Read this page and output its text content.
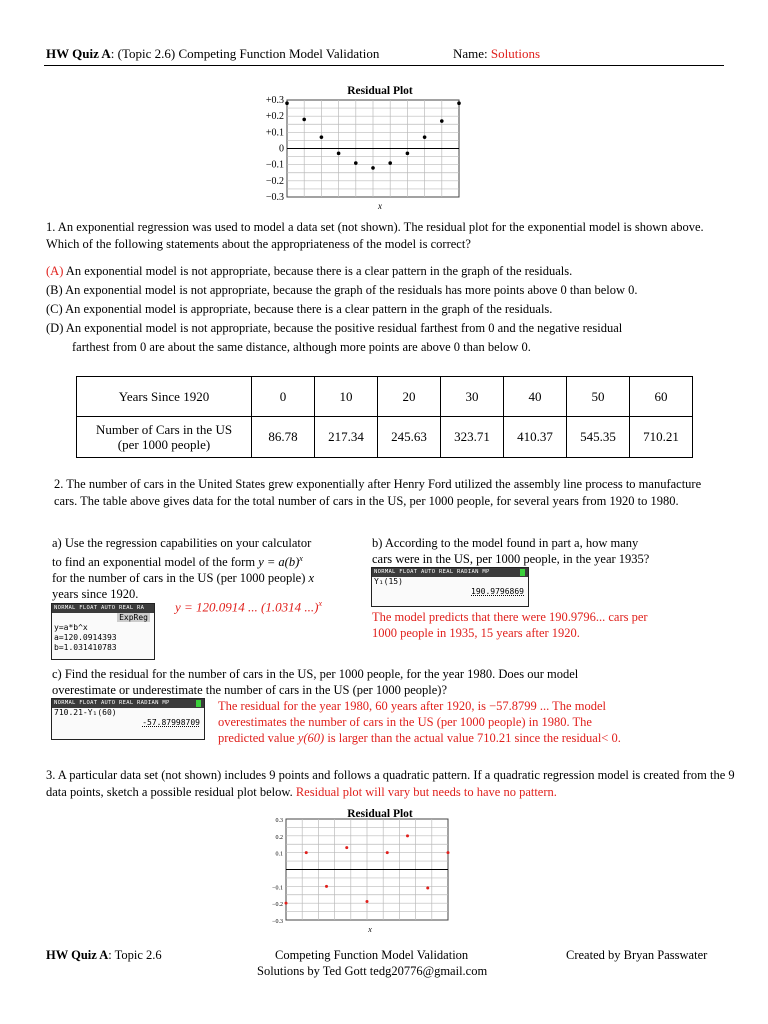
HW Quiz A: (Topic 2.6) Competing Function Model Validation	Name: Solutions
Residual Plot
+0.3
+0.2
+0.1
0
−0.1
−0.2
−0.3
x

1. An exponential regression was used to model a data set (not shown). The residual plot for the exponential model is shown above. Which of the following statements about the appropriateness of the model is correct?

(A) An exponential model is not appropriate, because there is a clear pattern in the graph of the residuals.
(B) An exponential model is not appropriate, because the graph of the residuals has more points above 0 than below 0.
(C) An exponential model is appropriate, because there is a clear pattern in the graph of the residuals.
(D) An exponential model is not appropriate, because the positive residual farthest from 0 and the negative residual
farthest from 0 are about the same distance, although more points are above 0 than below 0.
Years Since 1920	0	10	20	30	40	50	60
Number of Cars in the US
(per 1000 people)	86.78	217.34	245.63	323.71	410.37	545.35	710.21

2. The number of cars in the United States grew exponentially after Henry Ford utilized the assembly line process to manufacture cars. The table above gives data for the total number of cars in the US, per 1000 people, for several years from 1920 to 1980.

a) Use the regression capabilities on your calculator
to find an exponential model of the form $y = a(b)^x$
for the number of cars in the US (per 1000 people) x
years since 1920.
NORMAL FLOAT AUTO REAL RA
ExpReg
y=a*b^x
a=120.0914393
b=1.031410783
y = 120.0914 ... (1.0314 ...)$^x$
b) According to the model found in part a, how many
cars were in the US, per 1000 people, in the year 1935?
NORMAL FLOAT AUTO REAL RADIAN MP
Y₁(15)
190.9796869
The model predicts that there were 190.9796... cars per
1000 people in 1935, 15 years after 1920.
c) Find the residual for the number of cars in the US, per 1000 people, for the year 1980. Does our model
overestimate or underestimate the number of cars in the US (per 1000 people)?
NORMAL FLOAT AUTO REAL RADIAN MP
710.21-Y₁(60)
-57.87998709
The residual for the year 1980, 60 years after 1920, is −57.8799 ... The model
overestimates the number of cars in the US (per 1000 people) in 1980. The
predicted value y(60) is larger than the actual value 710.21 since the residual< 0.
3. A particular data set (not shown) includes 9 points and follows a quadratic pattern. If a quadratic regression model is created from the 9 data points, sketch a possible residual plot below. Residual plot will vary but needs to have no pattern.
Residual Plot
0.3
0.2
0.1
−0.1
−0.2
−0.3
x
HW Quiz A: Topic 2.6	Competing Function Model Validation	Created by Bryan Passwater
Solutions by Ted Gott tedg20776@gmail.com
